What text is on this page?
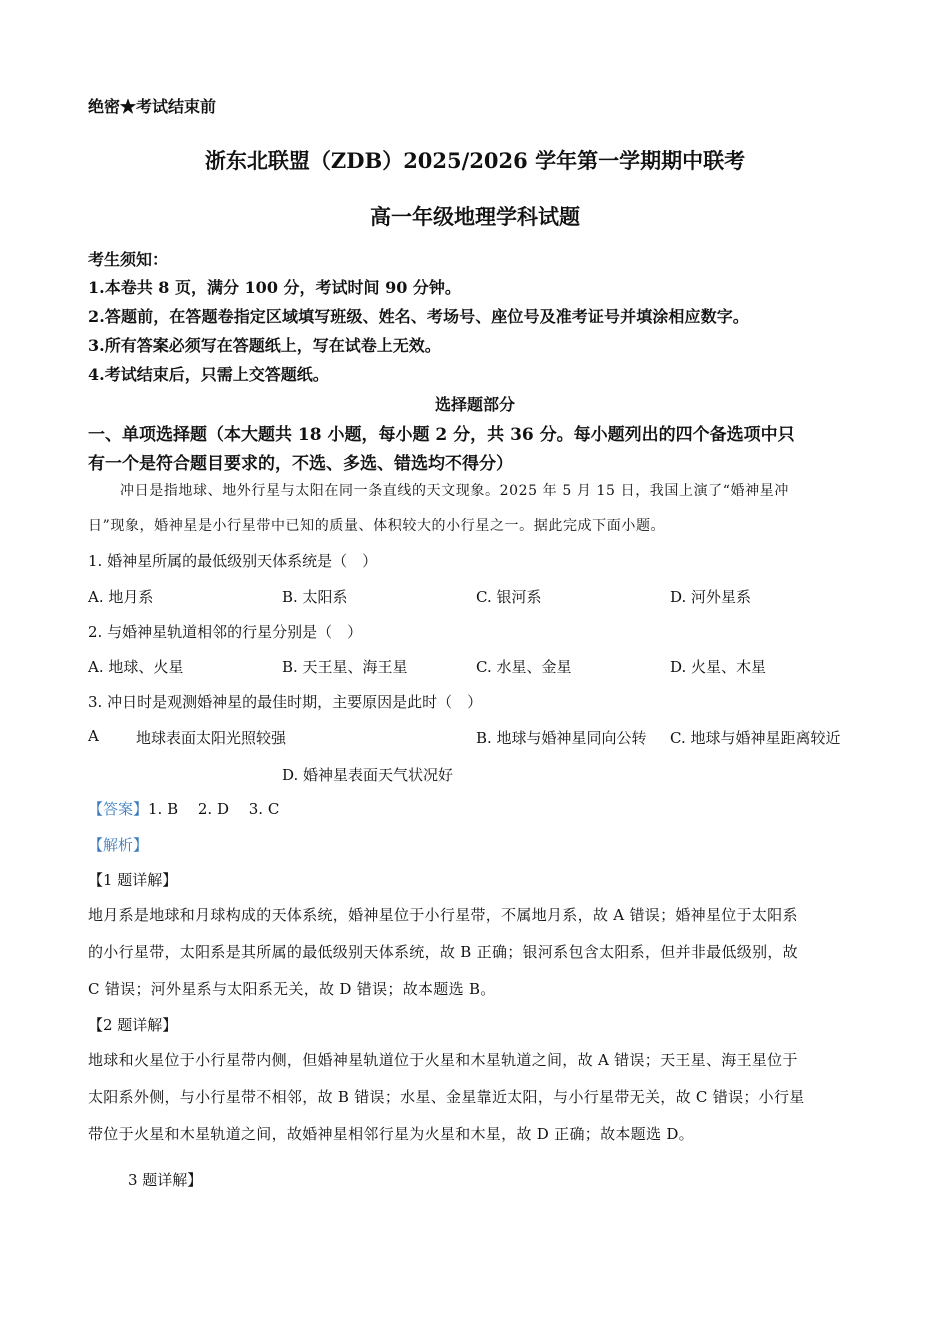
绝密★考试结束前
浙东北联盟（ZDB）2025/2026 学年第一学期期中联考
高一年级地理学科试题
考生须知：
1.本卷共 8 页，满分 100 分，考试时间 90 分钟。
2.答题前，在答题卷指定区域填写班级、姓名、考场号、座位号及准考证号并填涂相应数字。
3.所有答案必须写在答题纸上，写在试卷上无效。
4.考试结束后，只需上交答题纸。
选择题部分
一、单项选择题（本大题共 18 小题，每小题 2 分，共 36 分。每小题列出的四个备选项中只
有一个是符合题目要求的，不选、多选、错选均不得分）
冲日是指地球、地外行星与太阳在同一条直线的天文现象。2025 年 5 月 15 日，我国上演了“婚神星冲
日”现象，婚神星是小行星带中已知的质量、体积较大的小行星之一。据此完成下面小题。
1. 婚神星所属的最低级别天体系统是（　）
A. 地月系	B. 太阳系	C. 银河系	D. 河外星系
2. 与婚神星轨道相邻的行星分别是（　）
A. 地球、火星	B. 天王星、海王星	C. 水星、金星	D. 火星、木星
3. 冲日时是观测婚神星的最佳时期，主要原因是此时（　）
A 地球表面太阳光照较强	B. 地球与婚神星同向公转 C. 地球与婚神星距离较近
D. 婚神星表面天气状况好
【答案】1. B　 2. D　 3. C
【解析】
【1 题详解】
地月系是地球和月球构成的天体系统，婚神星位于小行星带，不属地月系，故 A 错误；婚神星位于太阳系
的小行星带，太阳系是其所属的最低级别天体系统，故 B 正确；银河系包含太阳系，但并非最低级别，故
C 错误；河外星系与太阳系无关，故 D 错误；故本题选 B。
【2 题详解】
地球和火星位于小行星带内侧，但婚神星轨道位于火星和木星轨道之间，故 A 错误；天王星、海王星位于
太阳系外侧，与小行星带不相邻，故 B 错误；水星、金星靠近太阳，与小行星带无关，故 C 错误；小行星
带位于火星和木星轨道之间，故婚神星相邻行星为火星和木星，故 D 正确；故本题选 D。
3 题详解】
